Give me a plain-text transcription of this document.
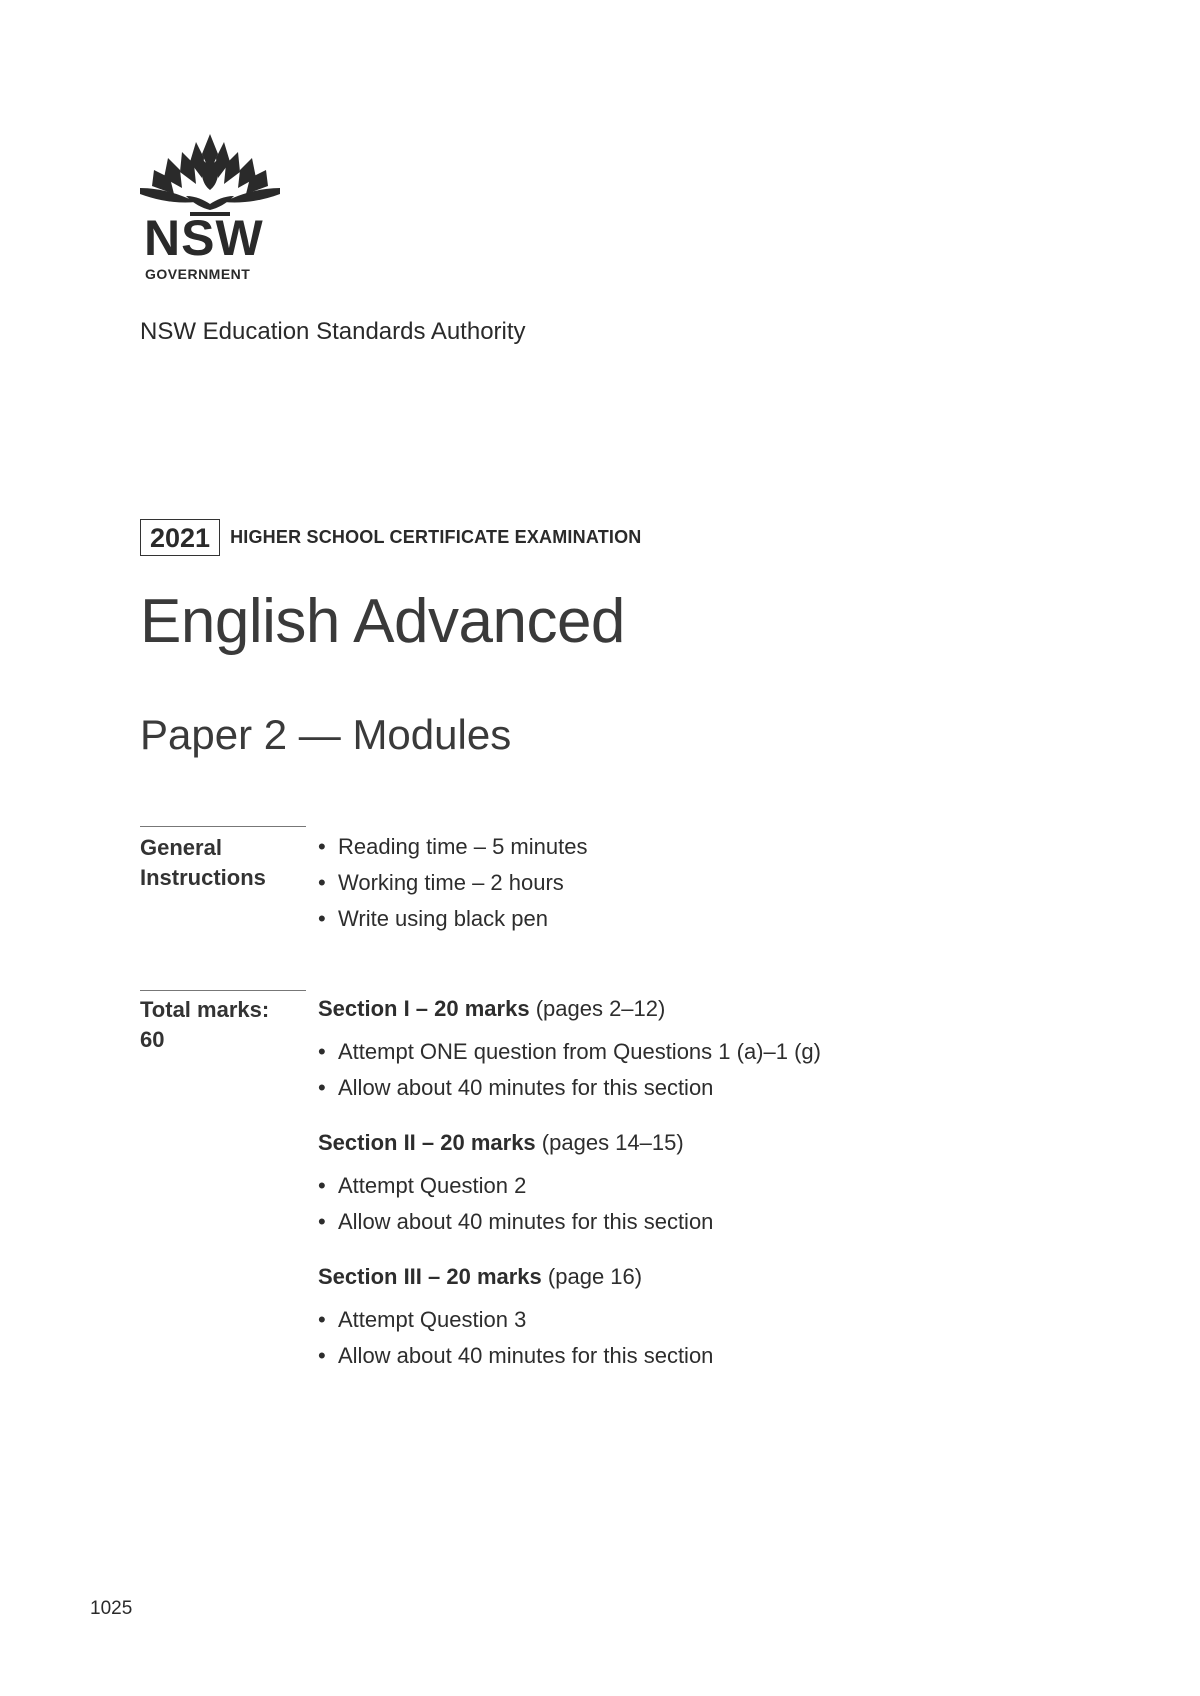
NSW
GOVERNMENT
NSW Education Standards Authority
2021	HIGHER SCHOOL CERTIFICATE EXAMINATION
English Advanced
Paper 2 — Modules
General
Instructions
• Reading time – 5 minutes
• Working time – 2 hours
• Write using black pen
Total marks:
60
Section I – 20 marks (pages 2–12)
• Attempt ONE question from Questions 1 (a)–1 (g)
• Allow about 40 minutes for this section
Section II – 20 marks (pages 14–15)
• Attempt Question 2
• Allow about 40 minutes for this section
Section III – 20 marks (page 16)
• Attempt Question 3
• Allow about 40 minutes for this section
1025
